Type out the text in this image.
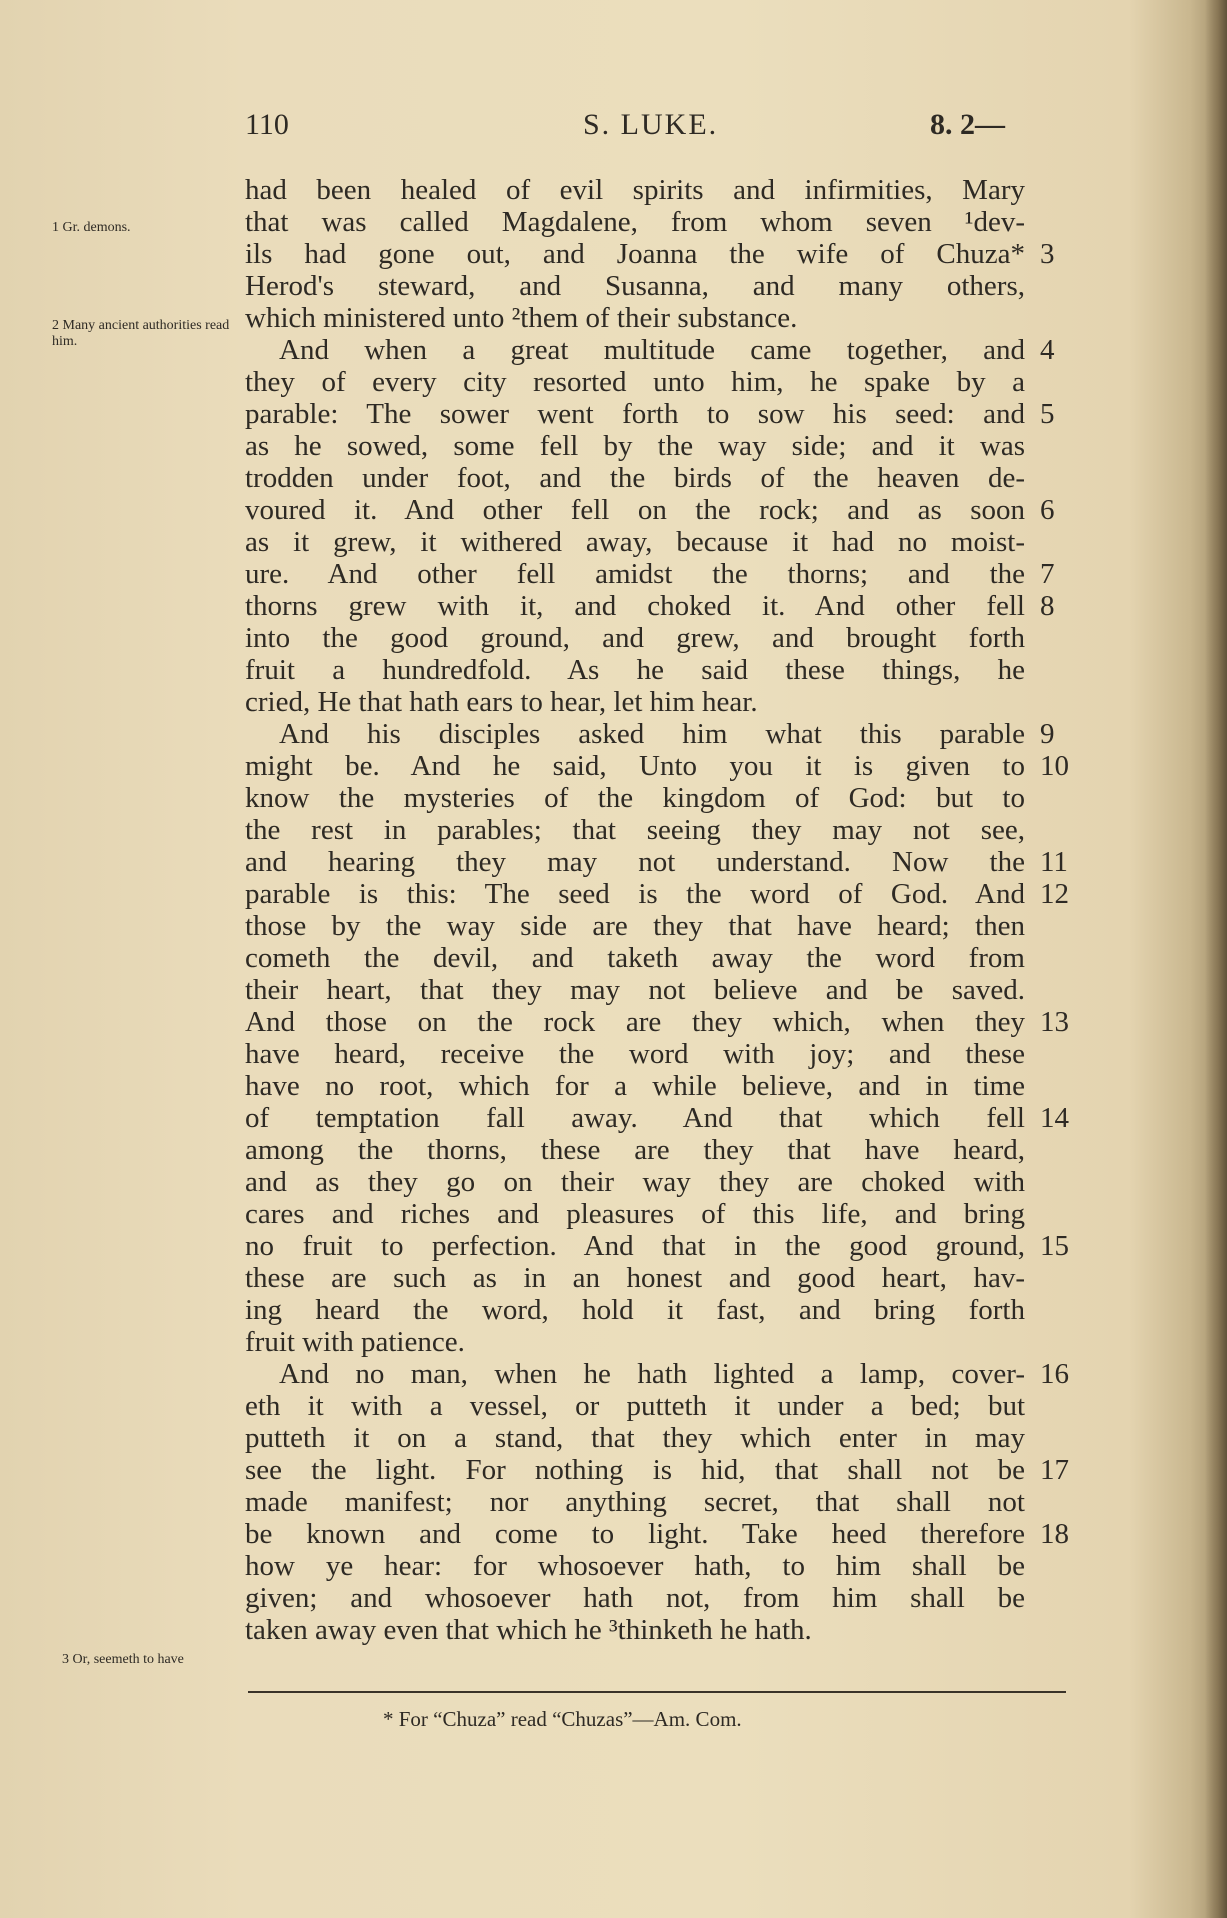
110	S. LUKE.	8. 2—
1 Gr. demons.
2 Many ancient authorities read him.
3 Or, seemeth to have
had been healed of evil spirits and infirmities, Mary
that was called Magdalene, from whom seven ¹dev-
ils had gone out, and Joanna the wife of Chuza* 3
Herod's steward, and Susanna, and many others,
which ministered unto ²them of their substance.
And when a great multitude came together, and 4
they of every city resorted unto him, he spake by a
parable: The sower went forth to sow his seed: and 5
as he sowed, some fell by the way side; and it was
trodden under foot, and the birds of the heaven de-
voured it. And other fell on the rock; and as soon 6
as it grew, it withered away, because it had no moist-
ure. And other fell amidst the thorns; and the 7
thorns grew with it, and choked it. And other fell 8
into the good ground, and grew, and brought forth
fruit a hundredfold. As he said these things, he
cried, He that hath ears to hear, let him hear.
And his disciples asked him what this parable 9
might be. And he said, Unto you it is given to 10
know the mysteries of the kingdom of God: but to
the rest in parables; that seeing they may not see,
and hearing they may not understand. Now the 11
parable is this: The seed is the word of God. And 12
those by the way side are they that have heard; then
cometh the devil, and taketh away the word from
their heart, that they may not believe and be saved.
And those on the rock are they which, when they 13
have heard, receive the word with joy; and these
have no root, which for a while believe, and in time
of temptation fall away. And that which fell 14
among the thorns, these are they that have heard,
and as they go on their way they are choked with
cares and riches and pleasures of this life, and bring
no fruit to perfection. And that in the good ground, 15
these are such as in an honest and good heart, hav-
ing heard the word, hold it fast, and bring forth
fruit with patience.
And no man, when he hath lighted a lamp, cover- 16
eth it with a vessel, or putteth it under a bed; but
putteth it on a stand, that they which enter in may
see the light. For nothing is hid, that shall not be 17
made manifest; nor anything secret, that shall not
be known and come to light. Take heed therefore 18
how ye hear: for whosoever hath, to him shall be
given; and whosoever hath not, from him shall be
taken away even that which he ³thinketh he hath.
* For “Chuza” read “Chuzas”—Am. Com.
